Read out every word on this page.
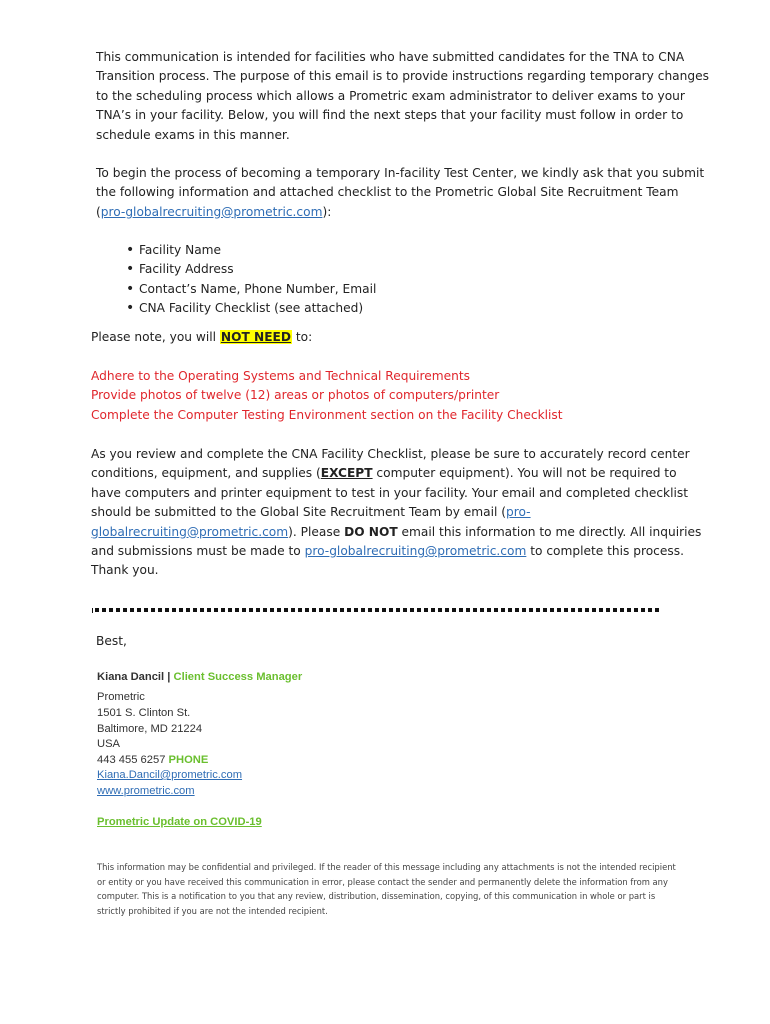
This communication is intended for facilities who have submitted candidates for the TNA to CNA
Transition process. The purpose of this email is to provide instructions regarding temporary changes
to the scheduling process which allows a Prometric exam administrator to deliver exams to your
TNA’s in your facility. Below, you will find the next steps that your facility must follow in order to
schedule exams in this manner.
To begin the process of becoming a temporary In-facility Test Center, we kindly ask that you submit
the following information and attached checklist to the Prometric Global Site Recruitment Team
(pro-globalrecruiting@prometric.com):
• Facility Name
• Facility Address
• Contact’s Name, Phone Number, Email
• CNA Facility Checklist (see attached)
Please note, you will NOT NEED to:
Adhere to the Operating Systems and Technical Requirements
Provide photos of twelve (12) areas or photos of computers/printer
Complete the Computer Testing Environment section on the Facility Checklist
As you review and complete the CNA Facility Checklist, please be sure to accurately record center
conditions, equipment, and supplies (EXCEPT computer equipment). You will not be required to
have computers and printer equipment to test in your facility. Your email and completed checklist
should be submitted to the Global Site Recruitment Team by email (pro-
globalrecruiting@prometric.com). Please DO NOT email this information to me directly. All inquiries
and submissions must be made to pro-globalrecruiting@prometric.com to complete this process.
Thank you.
Best,
Kiana Dancil | Client Success Manager
Prometric
1501 S. Clinton St.
Baltimore, MD 21224
USA
443 455 6257 PHONE
Kiana.Dancil@prometric.com
www.prometric.com
Prometric Update on COVID-19
This information may be confidential and privileged. If the reader of this message including any attachments is not the intended recipient
or entity or you have received this communication in error, please contact the sender and permanently delete the information from any
computer. This is a notification to you that any review, distribution, dissemination, copying, of this communication in whole or part is
strictly prohibited if you are not the intended recipient.
